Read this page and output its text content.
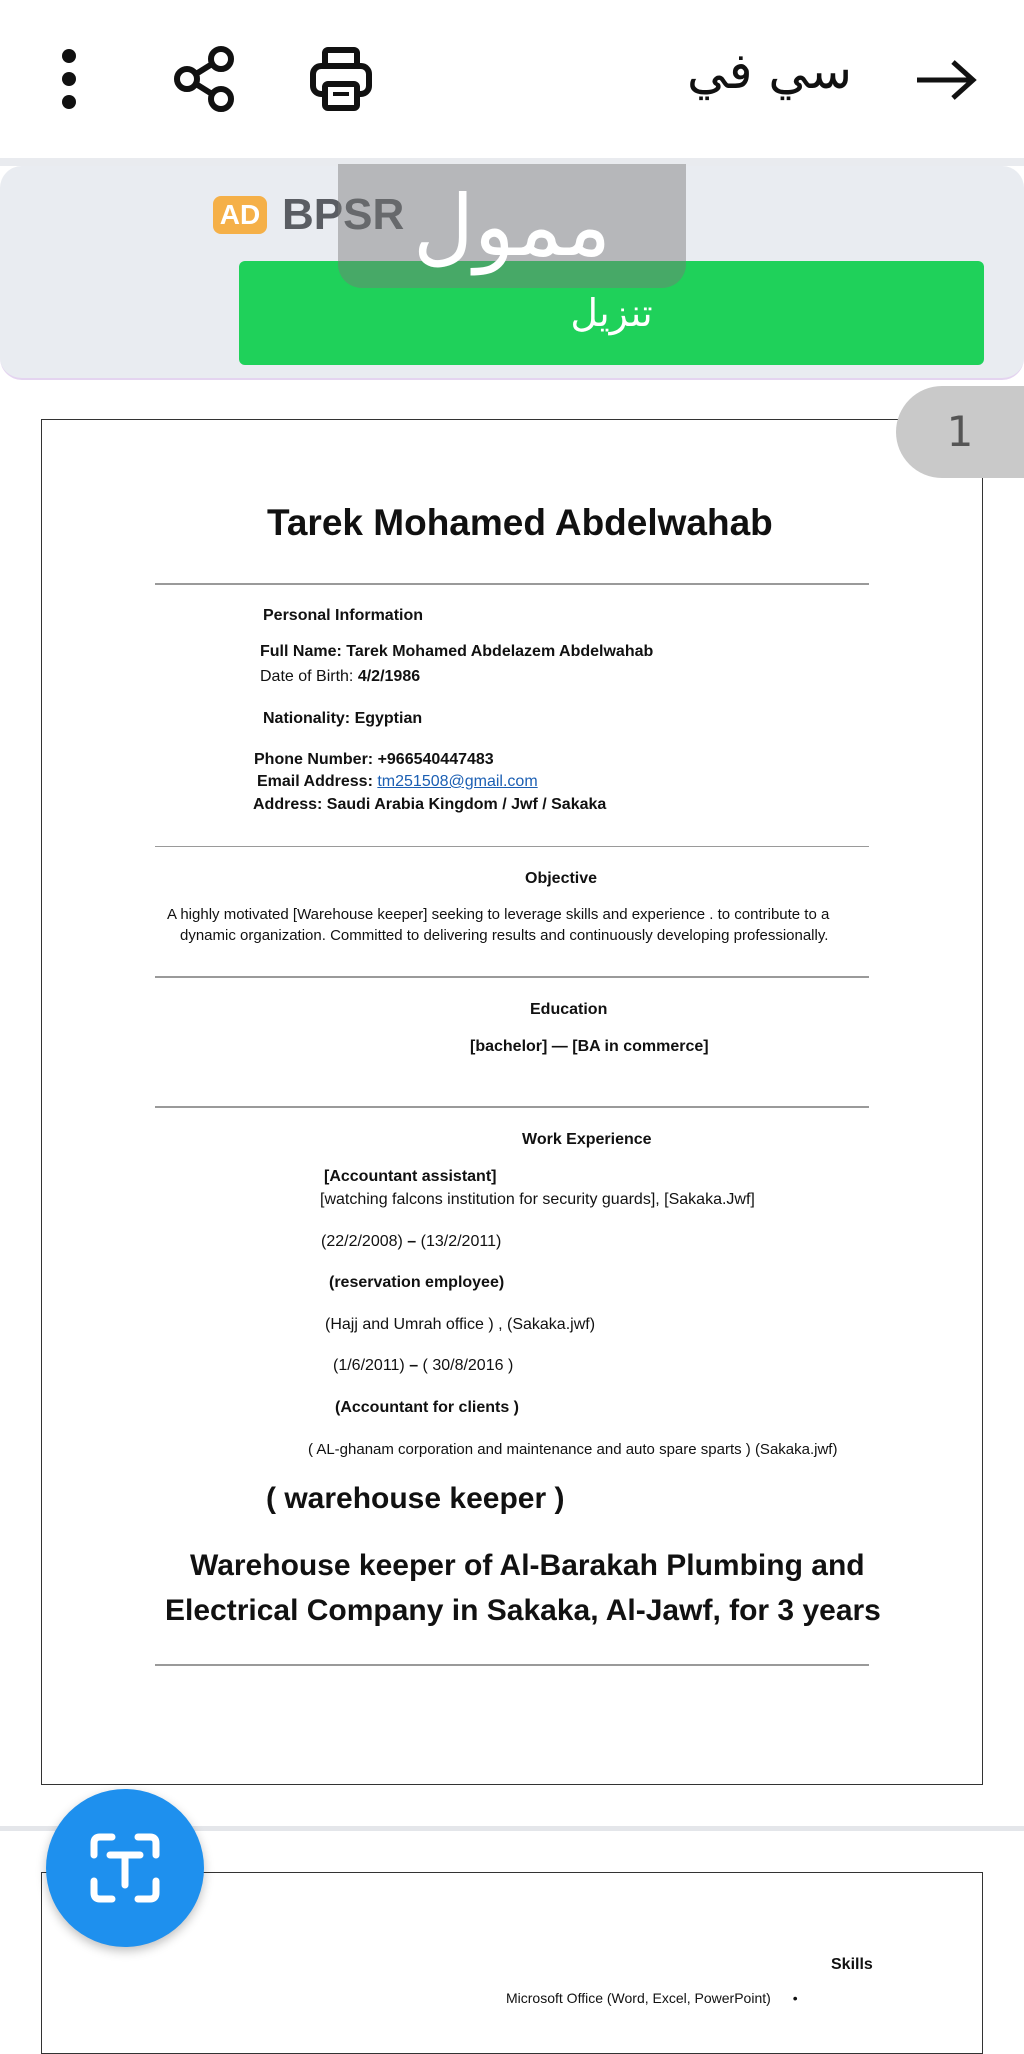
سي في
AD BPSR
تنزيل
ممول
1
Tarek Mohamed Abdelwahab
Personal Information
Full Name: Tarek Mohamed Abdelazem Abdelwahab
Date of Birth: 4/2/1986
Nationality: Egyptian
Phone Number: +966540447483
Email Address: tm251508@gmail.com
Address: Saudi Arabia Kingdom / Jwf / Sakaka
Objective
A highly motivated [Warehouse keeper] seeking to leverage skills and experience . to contribute to a
dynamic organization. Committed to delivering results and continuously developing professionally.
Education
[bachelor] — [BA in commerce]
Work Experience
[Accountant assistant]
[watching falcons institution for security guards], [Sakaka.Jwf]
(22/2/2008) – (13/2/2011)
(reservation employee)
(Hajj and Umrah office ) , (Sakaka.jwf)
(1/6/2011) – ( 30/8/2016 )
(Accountant for clients )
( AL-ghanam corporation and maintenance and auto spare sparts ) (Sakaka.jwf)
( warehouse keeper )
Warehouse keeper of Al-Barakah Plumbing and
Electrical Company in Sakaka, Al-Jawf, for 3 years
Skills
Microsoft Office (Word, Excel, PowerPoint) •
